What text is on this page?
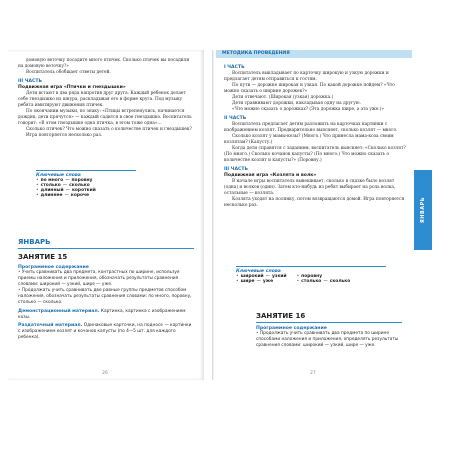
домовую веточку посадите много птичек. Сколько птичек вы посадили на домовую веточку?»

Воспитатель обобщает ответы детей.

III ЧАСТЬ
Подвижная игра «Птички и гнездышки»

Дети встают в два ряда напротив друг друга. Каждый ребенок делает себе гнездышко из шнура, раскладывая его в форме круга. Под музыку ребята имитируют движения птичек.

По окончании музыки, по знаку: «Птицы встрепенулись, начинается дождик, дети прячутся» — каждый садится в свое гнездышко. Воспитатель говорит: «В этом гнездышке одна птичка, в этом тоже одна»...

Сколько птичек? Что можно сказать о количестве птичек и гнездышек?

Игра повторяется несколько раз.

Ключевые слова
• по много — поровну
• столько — сколько
• длинный — короткий
• длиннее — короче
ЯНВАРЬ
ЗАНЯТИЕ 15
Программное содержание

• Учить сравнивать два предмета, контрастных по ширине, используя приемы наложения и приложения, обозначать результаты сравнения словами: широкий — узкий, шире — уже.

• Продолжать учить сравнивать две равные группы предметов способом наложения, обозначать результаты сравнения словами: по много, поровну, столько — сколько.

Демонстрационный материал. Картинка, картинка с изображением козы.
Раздаточный материал. Одинаковые карточки, на подносе — картинки с изображением козлят и кочанов капусты (по 4—5 шт. для каждого ребенка).
26
МЕТОДИКА ПРОВЕДЕНИЯ
I ЧАСТЬ

Воспитатель выкладывает по карточку широкую и узкую дорожки и предлагает детям отправиться к гостям.

По пути — дорожке широкая и узкая. По какой дорожке пойдем? «Что можно сказать о ширине дорожек?»

Дети отвечают. (Широкая (узкая) дорожка.)

Дети сравнивают дорожки, накладывая одну на другую.

«Что можно сказать о дорожках? (Эта дорожка шире, а эта уже.)»

II ЧАСТЬ

Воспитатель предлагает детям разложить на карточках картинки с изображением козлят. Предварительно выясняет, сколько козлят — много.

Сколько козлят у мамы-козы? (Много.) Что принесла мама-коза своим козлятам? (Капусту.)

Когда дети справятся с заданием, воспитатель выясняет: «Сколько козлят? (По много.) Сколько кочанов капусты? (По много.) Что можно сказать о количестве козлят и капусты?» (Поровну.)

III ЧАСТЬ
Подвижная игра «Козлята и волк»

В начале игры воспитатель вывешивает, сколько в сказке было козлят (одна) и волков (один). Затем кто-нибудь из ребят выбирает на роль волка, остальные — козлята.

Козлята уходят на полянку, потом возвращаются домой. Игра повторяется несколько раз.

Ключевые слова
• широкий — узкий
• шире — уже
• поровну
• столько — сколько
ЗАНЯТИЕ 16
Программное содержание

• Продолжать учить сравнивать два предмета по ширине способами наложения и приложения, определять результаты сравнения словами: широкий — узкий, шире — уже.

27
ЯНВАРЬ
